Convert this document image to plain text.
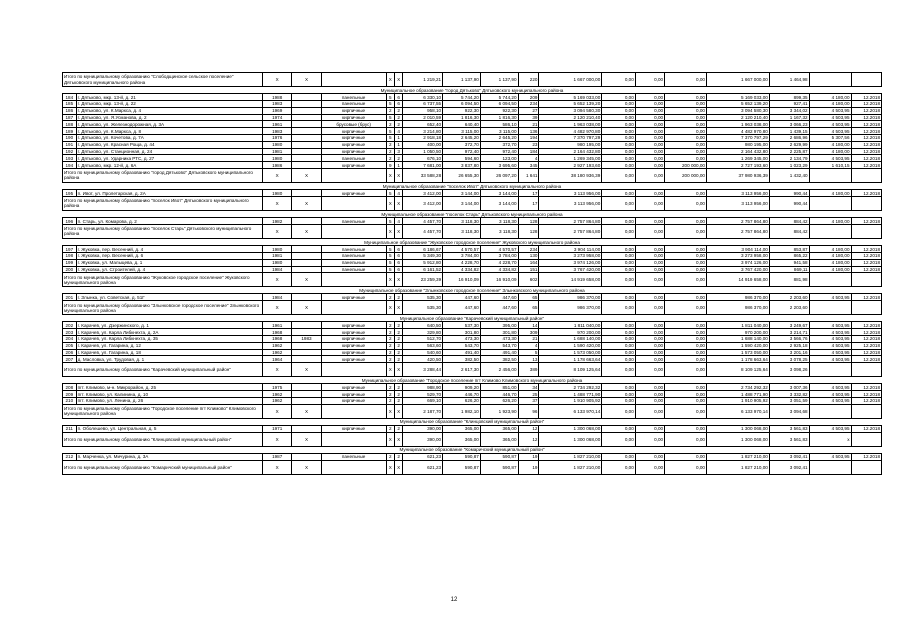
Итого по муниципальному образованию "Слободщинское сельское поселение" Дятьковского муниципального района		X	X		X	X	1 219,21	1 137,90	1 137,90	220	1 667 000,00	0,00	0,00	0,00	1 667 000,00	1 464,98		
Муниципальное образование "город Дятьково" Дятьковского муниципального района																		
184	г. Дятьково, мкр. 13-й, д. 21	1988		панельные	5	6	6 330,10	5 744,20	5 744,20	209	5 169 033,00	0,00	0,00	0,00	5 169 033,00	899,35	4 180,00	12.2018
185	г. Дятьково, мкр. 13-й, д. 22	1983		панельные	5	6	6 737,55	6 094,50	6 094,50	234	5 652 139,20	0,00	0,00	0,00	5 652 139,20	927,41	4 180,00	12.2018
186	г. Дятьково, ул. К.Маркса, д. 4	1969		кирпичные	2	2	958,10	922,30	922,30	27	3 094 580,30	0,00	0,00	0,00	3 094 580,30	3 344,02	4 503,95	12.2018
187	г. Дятьково, ул. Я.Усманова, д. 2	1974		кирпичные	5	2	2 010,59	1 816,30	1 816,30	39	2 120 210,40	0,00	0,00	0,00	2 120 210,40	1 167,32	4 503,95	12.2018
188	г. Дятьково, ул. Железнодорожная, д. 3А	1961		брусовые (брус)	2	2	652,40	640,40	586,10	21	1 963 038,00	0,00	0,00	0,00	1 963 038,00	3 066,23	4 503,95	12.2018
189	г. Дятьково, ул. К.Маркса, д. 8	1983		кирпичные	5	4	3 214,80	3 115,00	3 115,00	136	4 482 970,80	0,00	0,00	0,00	4 482 970,80	1 439,15	4 503,95	12.2018
190	г. Дятьково, ул. Кочетова, д. 7А	1976		кирпичные	5	1	2 918,18	2 645,20	2 645,20	194	7 370 797,29	0,00	0,00	0,00	7 370 797,29	2 686,96	5 307,56	12.2018
191	г. Дятьково, ул. Красная Роща, д. 44	1980		кирпичные	2	1	400,00	372,70	372,70	23	980 195,00	0,00	0,00	0,00	980 195,00	2 629,99	4 180,00	12.2018
192	г. Дятьково, ул. Станционная, д. 24	1981		кирпичные	2	3	1 050,50	972,40	972,40	184	2 164 432,80	0,00	0,00	0,00	2 164 432,80	2 225,87	4 180,00	12.2018
193	г. Дятьково, ул. Ударника РТС, д. 27	1980		панельные	2	2	676,10	594,60	123,00	4	1 269 345,00	0,00	0,00	0,00	1 269 345,00	2 134,79	4 503,95	12.2018
194	г. Дятьково, мкр. 12-й, д. 6А	1986		кирпичные	9	1	7 681,00	3 837,80	3 695,60	345	2 927 193,60	0,00	0,00	200 000,00	2 727 193,60	1 023,29	1 610,15	12.2018
Итого по муниципальному образованию "город Дятьково" Дятьковского муниципального района		X	X		X	X	33 588,28	26 655,30	26 097,20	1 641	38 180 936,39	0,00	0,00	200 000,00	37 980 936,39	1 432,40		
Муниципальное образование "поселок Ивот" Дятьковского муниципального района																		
195	п. Ивот, ул. Пролетарская, д. 2А	1980		кирпичные	5	4	3 412,00	3 144,00	3 144,00	17	3 113 956,00	0,00	0,00	0,00	3 113 956,00	990,44	4 180,00	12.2018
Итого по муниципальному образованию "поселок Ивот" Дятьковского муниципального района		X	X		X	X	3 412,00	3 144,00	3 144,00	17	3 113 956,00	0,00	0,00	0,00	3 113 956,00	990,44		
Муниципальное образование "поселок Старь" Дятьковского муниципального района																		
196	п. Старь, ул. Комарова, д. 2	1982		панельные	5	4	4 457,70	3 118,30	3 118,30	128	2 757 864,80	0,00	0,00	0,00	2 757 864,80	884,42	4 180,00	12.2018
Итого по муниципальному образованию "поселок Старь" Дятьковского муниципального района		X	X		X	X	4 457,70	3 118,30	3 118,30	128	2 757 864,80	0,00	0,00	0,00	2 757 864,80	884,42		
Муниципальное образование "Жуковское городское поселение" Жуковского муниципального района																		
197	г. Жуковка, пер. Весенний, д. 4	1980		панельные	5	6	6 186,67	4 570,57	4 570,57	234	3 904 114,00	0,00	0,00	0,00	3 904 114,00	853,87	4 180,00	12.2018
198	г. Жуковка, пер. Весенний, д. 6	1981		панельные	5	6	5 349,30	3 784,00	3 784,00	130	3 273 958,00	0,00	0,00	0,00	3 273 958,00	865,22	4 180,00	12.2018
199	г. Жуковка, ул. Малыцева, д. 1	1980		панельные	5	6	5 912,80	4 228,70	4 228,70	164	3 974 126,00	0,00	0,00	0,00	3 974 126,00	941,58	4 180,00	12.2018
200	г. Жуковка, ул. Строителей, д. 4	1984		панельные	5	6	6 161,52	4 334,82	4 334,82	151	3 767 420,00	0,00	0,00	0,00	3 767 420,00	869,11	4 180,00	12.2018
Итого по муниципальному образованию "Жуковское городское поселение" Жуковского муниципального района		X	X		X	X	23 259,39	16 910,09	16 910,09	602	14 919 658,00	0,00	0,00	0,00	14 919 658,00	881,98		
Муниципальное образование "Злынковское городское поселение" Злынковского муниципального района																		
201	г. Злынка, ул. Советская, д. 51Г	1984		кирпичные	2	2	535,30	447,60	447,60	65	986 370,00	0,00	0,00	0,00	986 370,00	2 203,60	4 503,95	12.2018
Итого по муниципальному образованию "Злынковское городское поселение" Злынковского муниципального района		X	X		X	X	535,30	447,60	447,60	65	986 370,00	0,00	0,00	0,00	986 370,00	2 203,60		
Муниципальное образование "Карачевский муниципальный район"																		
202	г. Карачев, ул. Дзержинского, д. 1	1961		кирпичные	2	2	640,50	537,30	395,00	14	1 811 040,00	0,00	0,00	0,00	1 811 040,00	3 249,67	4 503,95	12.2018
203	г. Карачев, ул. Карла Либкнехта, д. 2А	1968		кирпичные	2	2	329,80	301,80	301,80	309	970 200,00	0,00	0,00	0,00	970 200,00	3 214,71	4 503,95	12.2018
204	г. Карачев, ул. Карла Либкнехта, д. 35	1968	1983	кирпичные	2	2	512,70	473,30	473,30	21	1 688 140,00	0,00	0,00	0,00	1 688 140,00	3 566,76	4 503,95	12.2018
205	г. Карачев, ул. Гагарина, д. 12	1962		кирпичные	2	2	563,60	543,70	543,70	4	1 590 420,00	0,00	0,00	0,00	1 590 420,00	2 925,18	4 503,95	12.2018
206	г. Карачев, ул. Гагарина, д. 18	1962		кирпичные	2	2	540,60	491,40	491,40	5	1 573 050,00	0,00	0,00	0,00	1 573 050,00	3 201,16	4 503,95	12.2018
207	д. Масловка, ул. Трудовая, д. 1	1964		кирпичные	2	2	420,50	382,50	382,50	13	1 178 663,64	0,00	0,00	0,00	1 178 663,64	3 078,25	4 503,95	12.2018
Итого по муниципальному образованию "Карачевский муниципальный район"		X	X		X	X	3 288,44	2 617,30	2 456,00	389	8 109 125,64	0,00	0,00	0,00	8 109 125,64	3 098,26		
Муниципальное образование "Городское поселение пгт Климово Климовского муниципального района																		
208	пгт. Климово, м-н. Микрорайон, д. 25	1975		кирпичные	2	2	988,90	909,20	851,00	34	2 734 292,32	0,00	0,00	0,00	2 734 292,32	3 007,36	4 503,95	12.2018
209	пгт. Климово, ул. Калинина, д. 10	1962		кирпичные	2	2	529,70	446,70	446,70	25	1 488 771,90	0,00	0,00	0,00	1 488 771,90	3 332,82	4 503,95	12.2018
210	пгт. Климово, ул. Ленина, д. 26	1962		кирпичные	2	2	669,10	626,20	626,20	37	1 910 905,92	0,00	0,00	0,00	1 910 905,92	3 051,59	4 503,95	12.2018
Итого по муниципальному образованию "Городское поселение пгт Климово" Климовского муниципального района		X	X		X	X	2 187,70	1 982,10	1 923,90	96	6 133 970,14	0,00	0,00	0,00	6 133 970,14	3 094,68		
Муниципальное образование "Клинцовский муниципальный район"																		
211	п. Оболешево, ул. Центральная, д. 5	1971		кирпичные	2	2	390,00	365,00	365,00	12	1 300 068,00	0,00	0,00	0,00	1 300 068,00	3 561,83	4 503,95	12.2018
Итого по муниципальному образованию "Клинцовский муниципальный район"		X	X		X	X	390,00	365,00	365,00	12	1 300 068,00	0,00	0,00	0,00	1 300 068,00	3 561,83	х	
Муниципальное образование "Комаричский муниципальный район"																		
212	п. Марченка, ул. Мичурина, д. 3А	1987		панельные	2	2	621,23	590,87	590,87	19	1 827 210,00	0,00	0,00	0,00	1 827 210,00	3 092,41	4 503,95	12.2018
Итого по муниципальному образованию "Комаричский муниципальный район"		X	X		X	X	621,23	590,87	590,87	19	1 827 210,00	0,00	0,00	0,00	1 827 210,00	3 092,41		
12
